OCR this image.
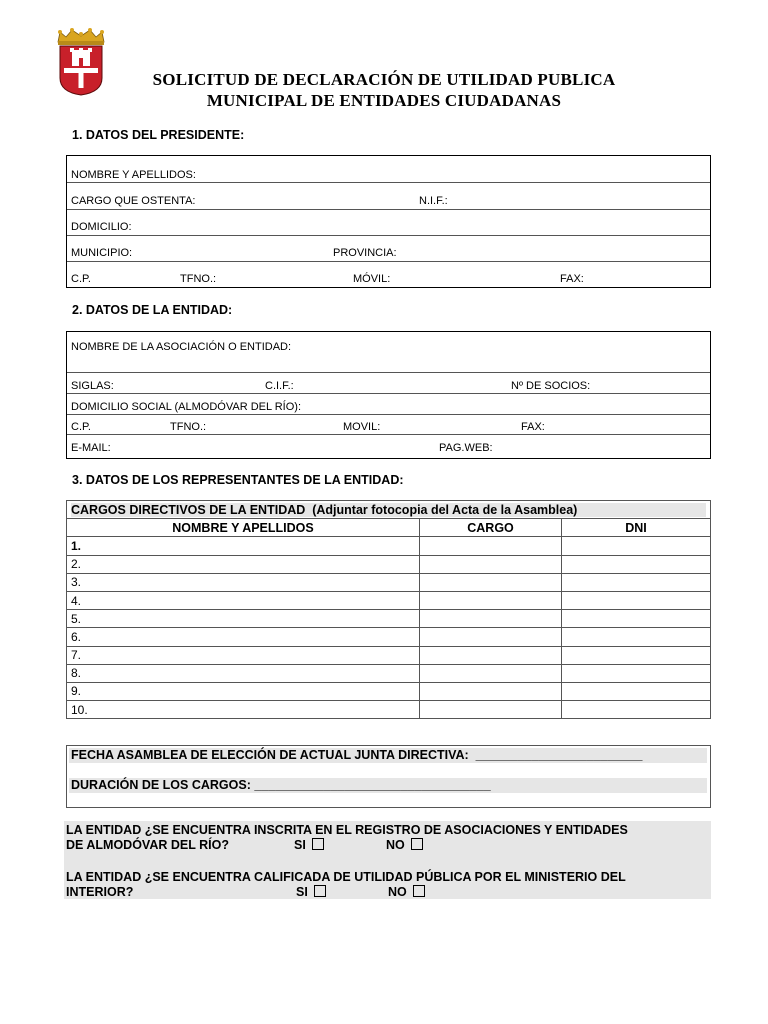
SOLICITUD DE DECLARACIÓN DE UTILIDAD PUBLICA
MUNICIPAL DE ENTIDADES CIUDADANAS
1. DATOS DEL PRESIDENTE:
NOMBRE Y APELLIDOS:
CARGO QUE OSTENTA:	N.I.F.:
DOMICILIO:
MUNICIPIO:	PROVINCIA:
C.P.	TFNO.:	MÓVIL:	FAX:
2. DATOS DE LA ENTIDAD:
NOMBRE DE LA ASOCIACIÓN O ENTIDAD:
SIGLAS:	C.I.F.:	Nº DE SOCIOS:
DOMICILIO SOCIAL (ALMODÓVAR DEL RÍO):
C.P.	TFNO.:	MOVIL:	FAX:
E-MAIL:	PAG.WEB:
3. DATOS DE LOS REPRESENTANTES DE LA ENTIDAD:
CARGOS DIRECTIVOS DE LA ENTIDAD (Adjuntar fotocopia del Acta de la Asamblea)		
NOMBRE Y APELLIDOS	CARGO	DNI
1.		
2.		
3.		
4.		
5.		
6.		
7.		
8.		
9.		
10.		
FECHA ASAMBLEA DE ELECCIÓN DE ACTUAL JUNTA DIRECTIVA: ________________________
DURACIÓN DE LOS CARGOS: __________________________________
LA ENTIDAD ¿SE ENCUENTRA INSCRITA EN EL REGISTRO DE ASOCIACIONES Y ENTIDADES
DE ALMODÓVAR DEL RÍO?	SI	NO
LA ENTIDAD ¿SE ENCUENTRA CALIFICADA DE UTILIDAD PÚBLICA POR EL MINISTERIO DEL
INTERIOR?	SI	NO
